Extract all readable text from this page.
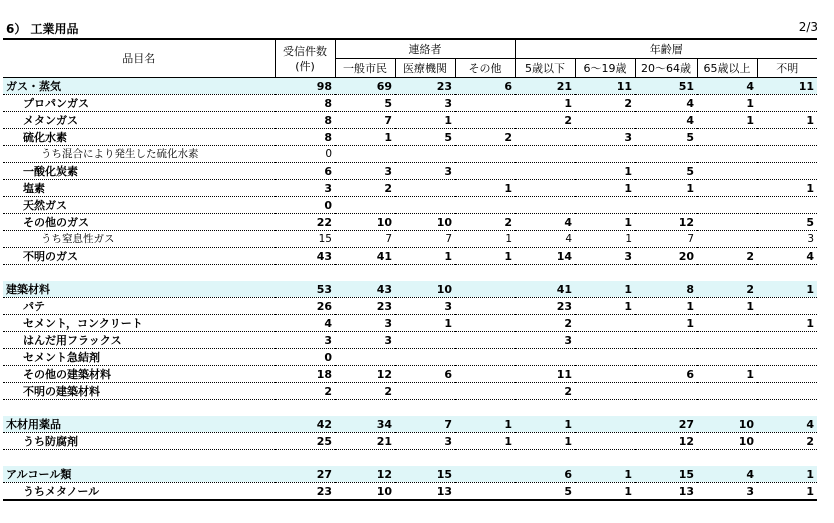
6） 工業用品	2/3
品目名	受信件数
(件)	連絡者			年齢層				
		一般市民	医療機関	その他	5歳以下	6～19歳	20～64歳	65歳以上	不明
ガス・蒸気	98	69	23	6	21	11	51	4	11
プロパンガス	8	5	3		1	2	4	1	
メタンガス	8	7	1		2		4	1	1
硫化水素	8	1	5	2		3	5		
うち混合により発生した硫化水素	0								
一酸化炭素	6	3	3			1	5		
塩素	3	2		1		1	1		1
天然ガス	0								
その他のガス	22	10	10	2	4	1	12		5
うち窒息性ガス	15	7	7	1	4	1	7		3
不明のガス	43	41	1	1	14	3	20	2	4

建築材料	53	43	10		41	1	8	2	1
パテ	26	23	3		23	1	1	1	
セメント，コンクリート	4	3	1		2		1		1
はんだ用フラックス	3	3			3				
セメント急結剤	0								
その他の建築材料	18	12	6		11		6	1	
不明の建築材料	2	2			2				

木材用薬品	42	34	7	1	1		27	10	4
うち防腐剤	25	21	3	1	1		12	10	2

アルコール類	27	12	15		6	1	15	4	1
うちメタノール	23	10	13		5	1	13	3	1
